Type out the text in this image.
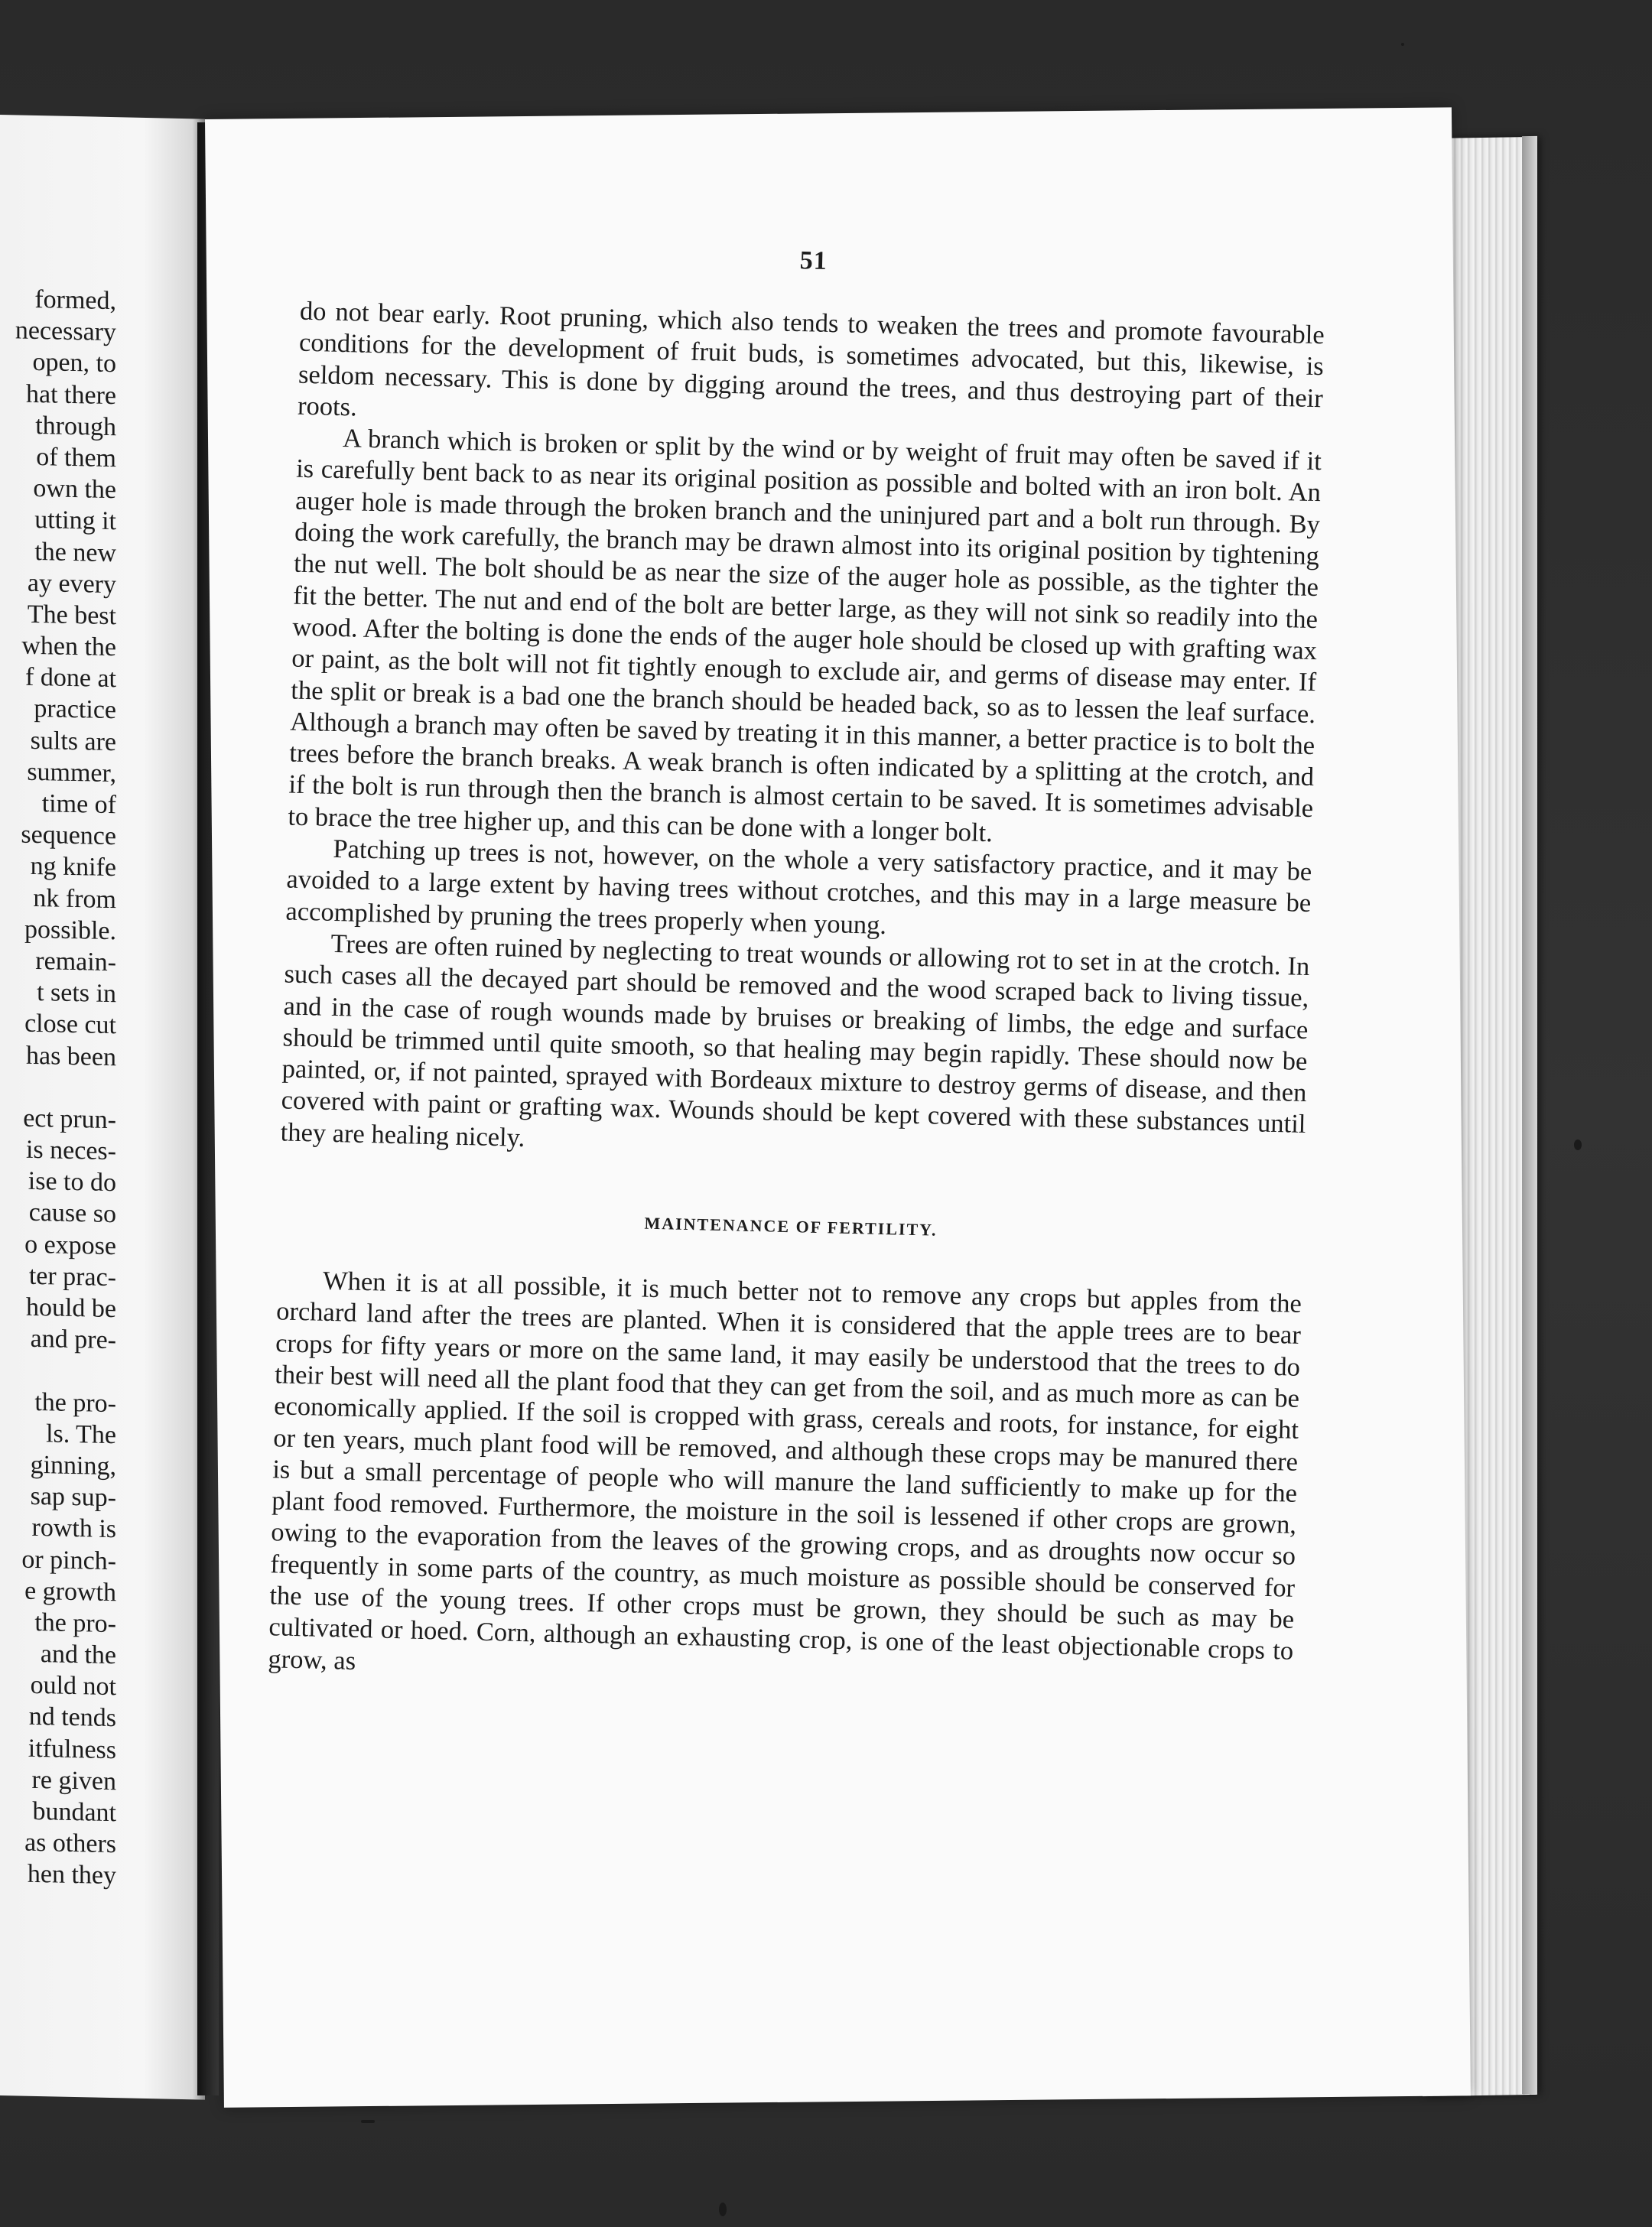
formed,
necessary
open, to
hat there
through
of them
own the
utting it
the new
ay every
The best
when the
f done at
practice
sults are
summer,
time of
sequence
ng knife
nk from
possible.
remain-
t sets in
close cut
has been
ect prun-
is neces-
ise to do
cause so
o expose
ter prac-
hould be
and pre-
the pro-
ls. The
ginning,
sap sup-
rowth is
or pinch-
e growth
the pro-
and the
ould not
nd tends
itfulness
re given
bundant
as others
hen they
51

do not bear early. Root pruning, which also tends to weaken the trees and promote favourable conditions for the development of fruit buds, is sometimes advocated, but this, likewise, is seldom necessary. This is done by digging around the trees, and thus destroying part of their roots.

A branch which is broken or split by the wind or by weight of fruit may often be saved if it is carefully bent back to as near its original position as possible and bolted with an iron bolt. An auger hole is made through the broken branch and the uninjured part and a bolt run through. By doing the work carefully, the branch may be drawn almost into its original position by tightening the nut well. The bolt should be as near the size of the auger hole as possible, as the tighter the fit the better. The nut and end of the bolt are better large, as they will not sink so readily into the wood. After the bolting is done the ends of the auger hole should be closed up with grafting wax or paint, as the bolt will not fit tightly enough to exclude air, and germs of disease may enter. If the split or break is a bad one the branch should be headed back, so as to lessen the leaf surface. Although a branch may often be saved by treating it in this manner, a better practice is to bolt the trees before the branch breaks. A weak branch is often indicated by a splitting at the crotch, and if the bolt is run through then the branch is almost certain to be saved. It is sometimes advisable to brace the tree higher up, and this can be done with a longer bolt.

Patching up trees is not, however, on the whole a very satisfactory practice, and it may be avoided to a large extent by having trees without crotches, and this may in a large measure be accomplished by pruning the trees properly when young.

Trees are often ruined by neglecting to treat wounds or allowing rot to set in at the crotch. In such cases all the decayed part should be removed and the wood scraped back to living tissue, and in the case of rough wounds made by bruises or breaking of limbs, the edge and surface should be trimmed until quite smooth, so that healing may begin rapidly. These should now be painted, or, if not painted, sprayed with Bordeaux mixture to destroy germs of disease, and then covered with paint or grafting wax. Wounds should be kept covered with these substances until they are healing nicely.

MAINTENANCE OF FERTILITY.

When it is at all possible, it is much better not to remove any crops but apples from the orchard land after the trees are planted. When it is considered that the apple trees are to bear crops for fifty years or more on the same land, it may easily be understood that the trees to do their best will need all the plant food that they can get from the soil, and as much more as can be economically applied. If the soil is cropped with grass, cereals and roots, for instance, for eight or ten years, much plant food will be removed, and although these crops may be manured there is but a small percentage of people who will manure the land sufficiently to make up for the plant food removed. Furthermore, the moisture in the soil is lessened if other crops are grown, owing to the evaporation from the leaves of the growing crops, and as droughts now occur so frequently in some parts of the country, as much moisture as possible should be conserved for the use of the young trees. If other crops must be grown, they should be such as may be cultivated or hoed. Corn, although an exhausting crop, is one of the least objectionable crops to grow, as
